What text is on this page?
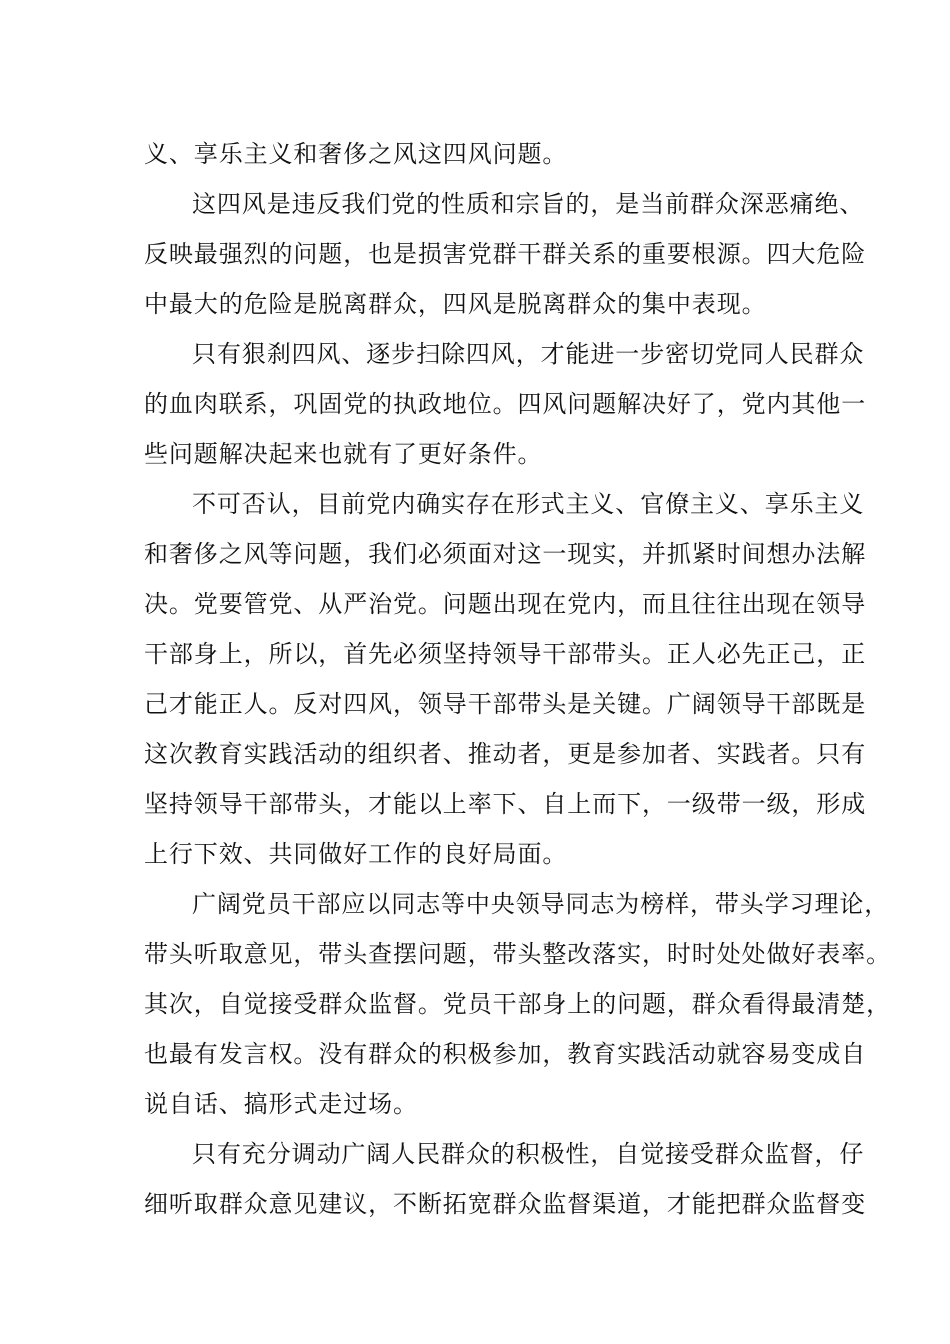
义、享乐主义和奢侈之风这四风问题。

这四风是违反我们党的性质和宗旨的，是当前群众深恶痛绝、
反映最强烈的问题，也是损害党群干群关系的重要根源。四大危险
中最大的危险是脱离群众，四风是脱离群众的集中表现。

只有狠刹四风、逐步扫除四风，才能进一步密切党同人民群众
的血肉联系，巩固党的执政地位。四风问题解决好了，党内其他一
些问题解决起来也就有了更好条件。

不可否认，目前党内确实存在形式主义、官僚主义、享乐主义
和奢侈之风等问题，我们必须面对这一现实，并抓紧时间想办法解
决。党要管党、从严治党。问题出现在党内，而且往往出现在领导
干部身上，所以，首先必须坚持领导干部带头。正人必先正己，正
己才能正人。反对四风，领导干部带头是关键。广阔领导干部既是
这次教育实践活动的组织者、推动者，更是参加者、实践者。只有
坚持领导干部带头，才能以上率下、自上而下，一级带一级，形成
上行下效、共同做好工作的良好局面。

广阔党员干部应以同志等中央领导同志为榜样，带头学习理论，
带头听取意见，带头查摆问题，带头整改落实，时时处处做好表率。
其次，自觉接受群众监督。党员干部身上的问题，群众看得最清楚，
也最有发言权。没有群众的积极参加，教育实践活动就容易变成自
说自话、搞形式走过场。

只有充分调动广阔人民群众的积极性，自觉接受群众监督，仔
细听取群众意见建议，不断拓宽群众监督渠道，才能把群众监督变
